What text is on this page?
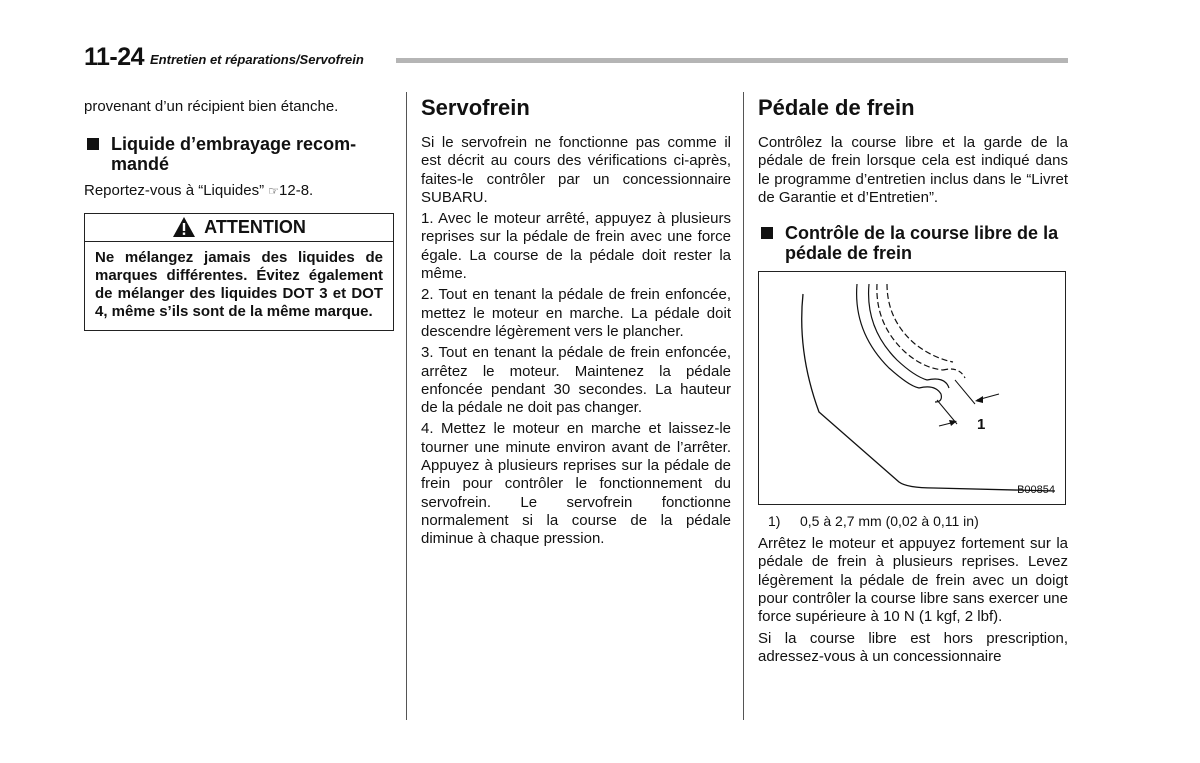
11-24 Entretien et réparations/Servofrein

provenant d’un récipient bien étanche.

Liquide d’embrayage recom-mandé

Reportez-vous à “Liquides” ☞12-8.

ATTENTION
Ne mélangez jamais des liquides de marques différentes. Évitez également de mélanger des liquides DOT 3 et DOT 4, même s’ils sont de la même marque.
Servofrein

Si le servofrein ne fonctionne pas comme il est décrit au cours des vérifications ci-après, faites-le contrôler par un concessionnaire SUBARU.

1. Avec le moteur arrêté, appuyez à plusieurs reprises sur la pédale de frein avec une force égale. La course de la pédale doit rester la même.

2. Tout en tenant la pédale de frein enfoncée, mettez le moteur en marche. La pédale doit descendre légèrement vers le plancher.

3. Tout en tenant la pédale de frein enfoncée, arrêtez le moteur. Maintenez la pédale enfoncée pendant 30 secondes. La hauteur de la pédale ne doit pas changer.

4. Mettez le moteur en marche et laissez-le tourner une minute environ avant de l’arrêter. Appuyez à plusieurs reprises sur la pédale de frein pour contrôler le fonctionnement du servofrein. Le servofrein fonctionne normalement si la course de la pédale diminue à chaque pression.

Pédale de frein

Contrôlez la course libre et la garde de la pédale de frein lorsque cela est indiqué dans le programme d’entretien inclus dans le “Livret de Garantie et d’Entretien”.

Contrôle de la course libre de la pédale de frein
1
B00854
1)	0,5 à 2,7 mm (0,02 à 0,11 in)

Arrêtez le moteur et appuyez fortement sur la pédale de frein à plusieurs reprises. Levez légèrement la pédale de frein avec un doigt pour contrôler la course libre sans exercer une force supérieure à 10 N (1 kgf, 2 lbf).

Si la course libre est hors prescription, adressez-vous à un concessionnaire
